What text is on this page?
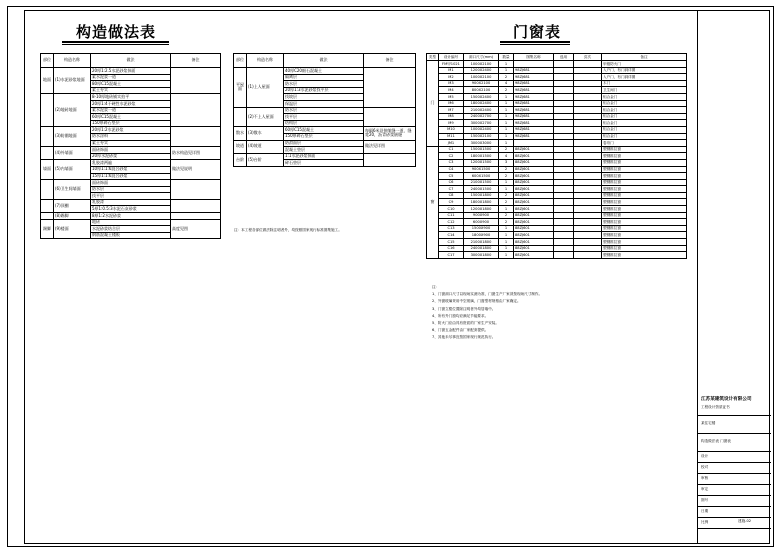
构造做法表	门窗表
部位	构造名称	做法	备注
地面	(1)水泥砂浆地面	20厚1:2.5水泥砂浆抹面	
		素水泥浆一道	
		80厚C15混凝土	
		素土夯实	
	(2)地砖地面	8-10厚地砖铺实拍平	
		20厚1:4干硬性水泥砂浆	
		素水泥浆一道	
		60厚C15混凝土	
		150厚碎石垫层	
	(3)防潮地面	20厚1:2水泥砂浆	
		防水涂料	
		素土夯实	
	(4)外墙面	面砖饰面	防水构造见详图
		20厚水泥砂浆	
墙面	(5)内墙面	乳胶漆两遍	做法见说明
		10厚1:1:6混合砂浆	
		15厚1:1:6混合砂浆	
	(6)卫生间墙面	面砖饰面	
		防水层	
		找平层	
	(7)顶棚	乳胶漆	
		5厚1:0.5:3水泥石灰砂浆	
	(8)踢脚	8厚1:2水泥砂浆	
踢脚	(9)楼面	地砖	高度见图
		水泥砂浆结合层	
		钢筋混凝土楼板	
部位	构造名称	做法	备注
平屋面	(1)上人屋面	40厚C20细石混凝土	
		隔离层	
		防水层	
		20厚1:3水泥砂浆找平层	
		找坡层	
		保温层	
	(2)不上人屋面	防水层	
		找平层	
		结构层	
散水	(3)散水	60厚C15混凝土	每隔6米设伸缩缝一道，缝宽20，沥青砂浆嵌缝
		150厚碎石垫层	
坡道	(4)坡道	防滑面层	做法见详图
		混凝土垫层	
台阶	(5)台阶	1:1水泥砂浆抹面	
		碎石垫层	
注：本工程各部位做法除注明者外，均按照国家现行标准图集施工。
类型	设计编号	洞口尺寸(mm)	数量	图集名称	选用	页次	备注
门	FM甲1021	1000X2100	1				甲级防火门
	M1	1200X2400	1	98ZJ681			入户门，有门洞详图
	M2	1000X2100	2	98ZJ681			入户门，有门洞详图
	M3	900X2100	4	98ZJ681			木门
	M4	800X2100	2	98ZJ681			卫生间门
	M5	1500X2400	1	98ZJ681			铝合金门
	M6	1800X2400	1	98ZJ681			铝合金门
	M7	2100X2400	1	98ZJ681			铝合金门
	M8	2400X2700	1	98ZJ681			铝合金门
	M9	3000X2700	1	98ZJ681			铝合金门
	M10	1000X2400	1	98ZJ681			铝合金门
	M11	1500X2100	1	98ZJ681			铝合金门
	JM1	3000X3000	1				卷帘门
窗	C1	1500X1500	2	88ZJ601			塑钢推拉窗
	C2	1800X1500	4	88ZJ601			塑钢推拉窗
	C3	1200X1500	3	88ZJ601			塑钢推拉窗
	C4	900X1500	2	88ZJ601			塑钢推拉窗
	C5	600X1500	2	88ZJ601			塑钢推拉窗
	C6	2100X1500	1	88ZJ601			塑钢推拉窗
	C7	2400X1500	1	88ZJ601			塑钢推拉窗
	C8	1500X1800	2	88ZJ601			塑钢推拉窗
	C9	1800X1800	2	88ZJ601			塑钢推拉窗
	C10	1200X1800	1	88ZJ601			塑钢推拉窗
	C11	900X900	2	88ZJ601			塑钢推拉窗
	C12	600X900	2	88ZJ601			塑钢推拉窗
	C13	1500X900	1	88ZJ601			塑钢推拉窗
	C14	1800X900	1	88ZJ601			塑钢推拉窗
	C15	2100X1800	1	88ZJ601			塑钢推拉窗
	C16	2400X1800	1	88ZJ601			塑钢推拉窗
	C17	3000X1800	1	88ZJ601			塑钢推拉窗
注：
1、门窗洞口尺寸以现场实测为准，门窗生产厂家须按现场尺寸制作。
2、外窗玻璃采用中空玻璃，门窗型材规格由厂家确定。
3、门窗立樘位置除注明者外均居墙中。
4、所有外门窗均应满足节能要求。
5、防火门应由具有资质的厂家生产安装。
6、门窗五金配件由厂家配套提供。
7、其他未尽事宜按国家现行规范执行。
江苏某建筑设计有限公司
工程设计资质证书
某住宅楼
构造做法表 门窗表
设计
校对
审核
审定
图号
日期
比例	建施-02
